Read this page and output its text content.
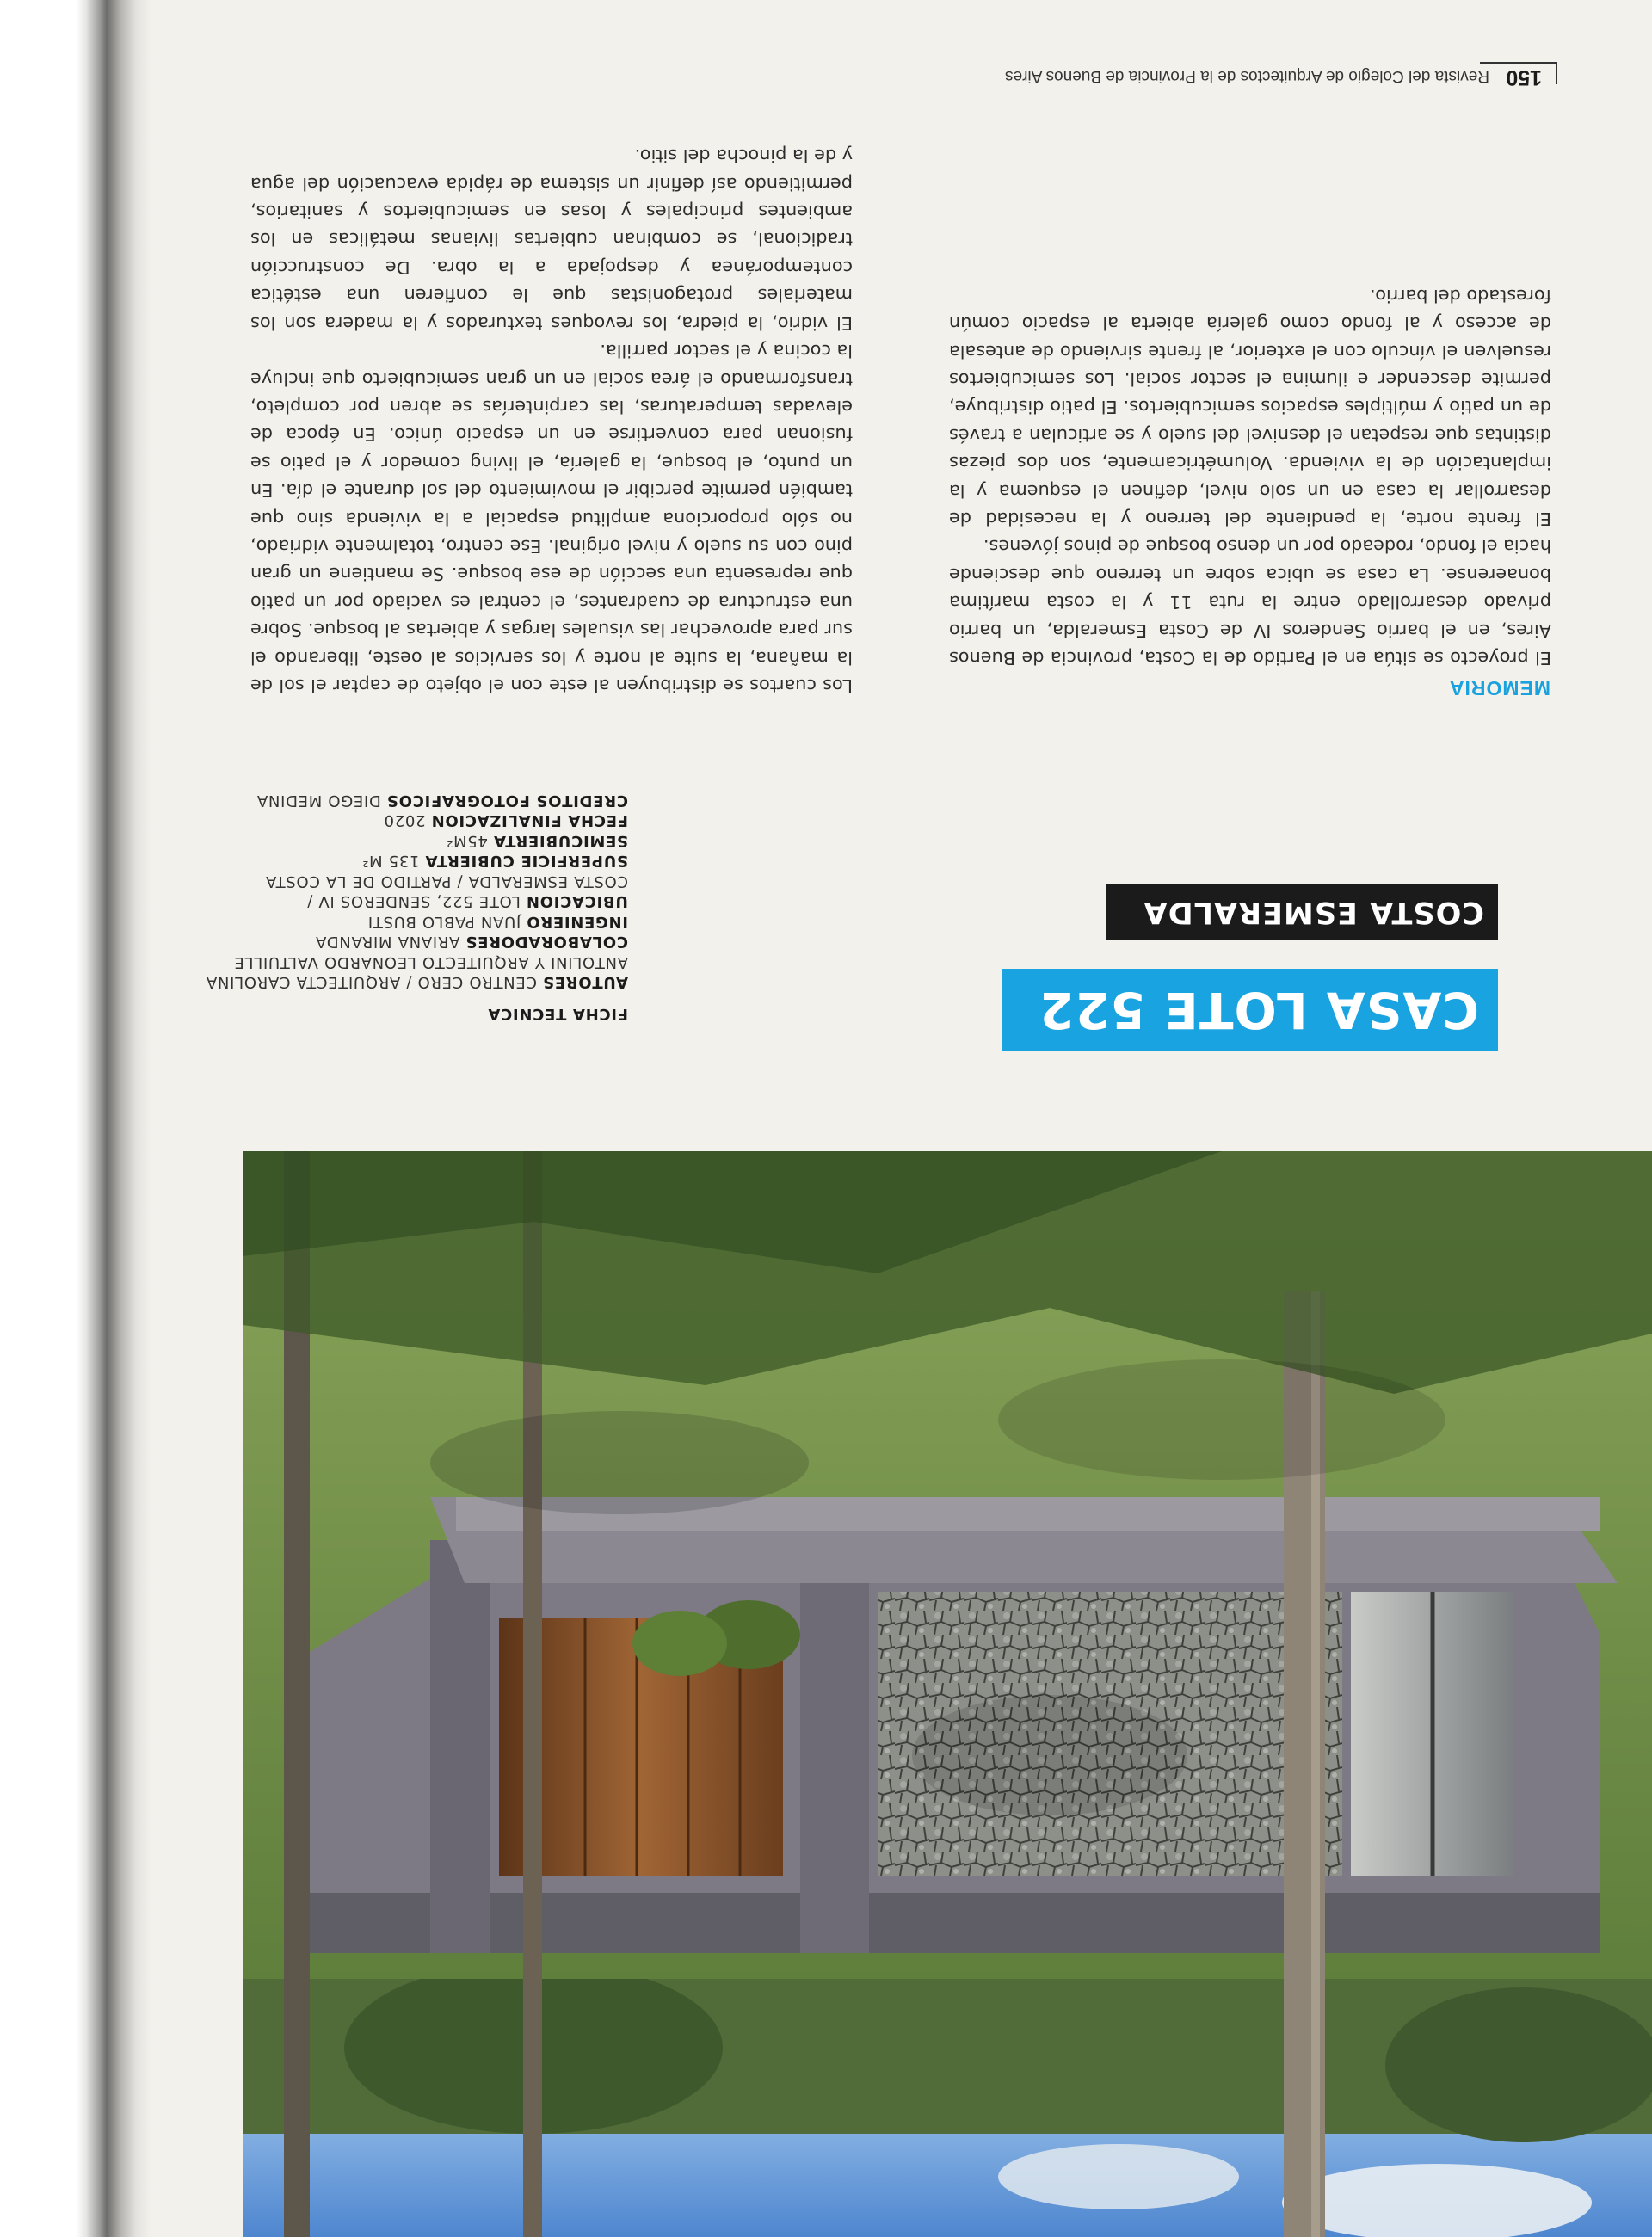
150 Revista del Colegio de Arquitectos de la Provincia de Buenos Aires
MEMORIA

El proyecto se sitúa en el Partido de la Costa, provincia de Buenos Aires, en el barrio Senderos IV de Costa Esmeralda, un barrio privado desarrollado entre la ruta 11 y la costa marítima bonaerense. La casa se ubica sobre un terreno que desciende hacia el fondo, rodeado por un denso bosque de pinos jóvenes.

El frente norte, la pendiente del terreno y la necesidad de desarrollar la casa en un solo nivel, definen el esquema y la implantación de la vivienda. Volumétricamente, son dos piezas distintas que respetan el desnivel del suelo y se articulan a través de un patio y múltiples espacios semicubiertos. El patio distribuye, permite descender e ilumina el sector social. Los semicubiertos resuelven el vínculo con el exterior, al frente sirviendo de antesala de acceso y al fondo como galería abierta al espacio común forestado del barrio.

Los cuartos se distribuyen al este con el objeto de captar el sol de la mañana, la suite al norte y los servicios al oeste, liberando el sur para aprovechar las visuales largas y abiertas al bosque. Sobre una estructura de cuadrantes, el central es vaciado por un patio que representa una sección de ese bosque. Se mantiene un gran pino con su suelo y nivel original. Ese centro, totalmente vidriado, no sólo proporciona amplitud espacial a la vivienda sino que también permite percibir el movimiento del sol durante el día. En un punto, el bosque, la galería, el living comedor y el patio se fusionan para convertirse en un espacio único. En época de elevadas temperaturas, las carpinterías se abren por completo, transformando el área social en un gran semicubierto que incluye la cocina y el sector parrilla.

El vidrio, la piedra, los revoques texturados y la madera son los materiales protagonistas que le confieren una estética contemporánea y despojada a la obra. De construcción tradicional, se combinan cubiertas livianas metálicas en los ambientes principales y losas en semicubiertos y sanitarios, permitiendo así definir un sistema de rápida evacuación del agua y de la pinocha del sitio.

CASA LOTE 522
COSTA ESMERALDA
FICHA TECNICA
AUTORES CENTRO CERO / ARQUITECTA CAROLINA
ANTOLINI Y ARQUITECTO LEONARDO VALTUILLE
COLABORADORES ARIANA MIRANDA
INGENIERO JUAN PABLO BUSTI
UBICACION LOTE 522, SENDEROS IV /
COSTA ESMERALDA / PARTIDO DE LA COSTA
SUPERFICIE CUBIERTA 135 M²
SEMICUBIERTA 45M²
FECHA FINALIZACION 2020
CREDITOS FOTOGRAFICOS DIEGO MEDINA
